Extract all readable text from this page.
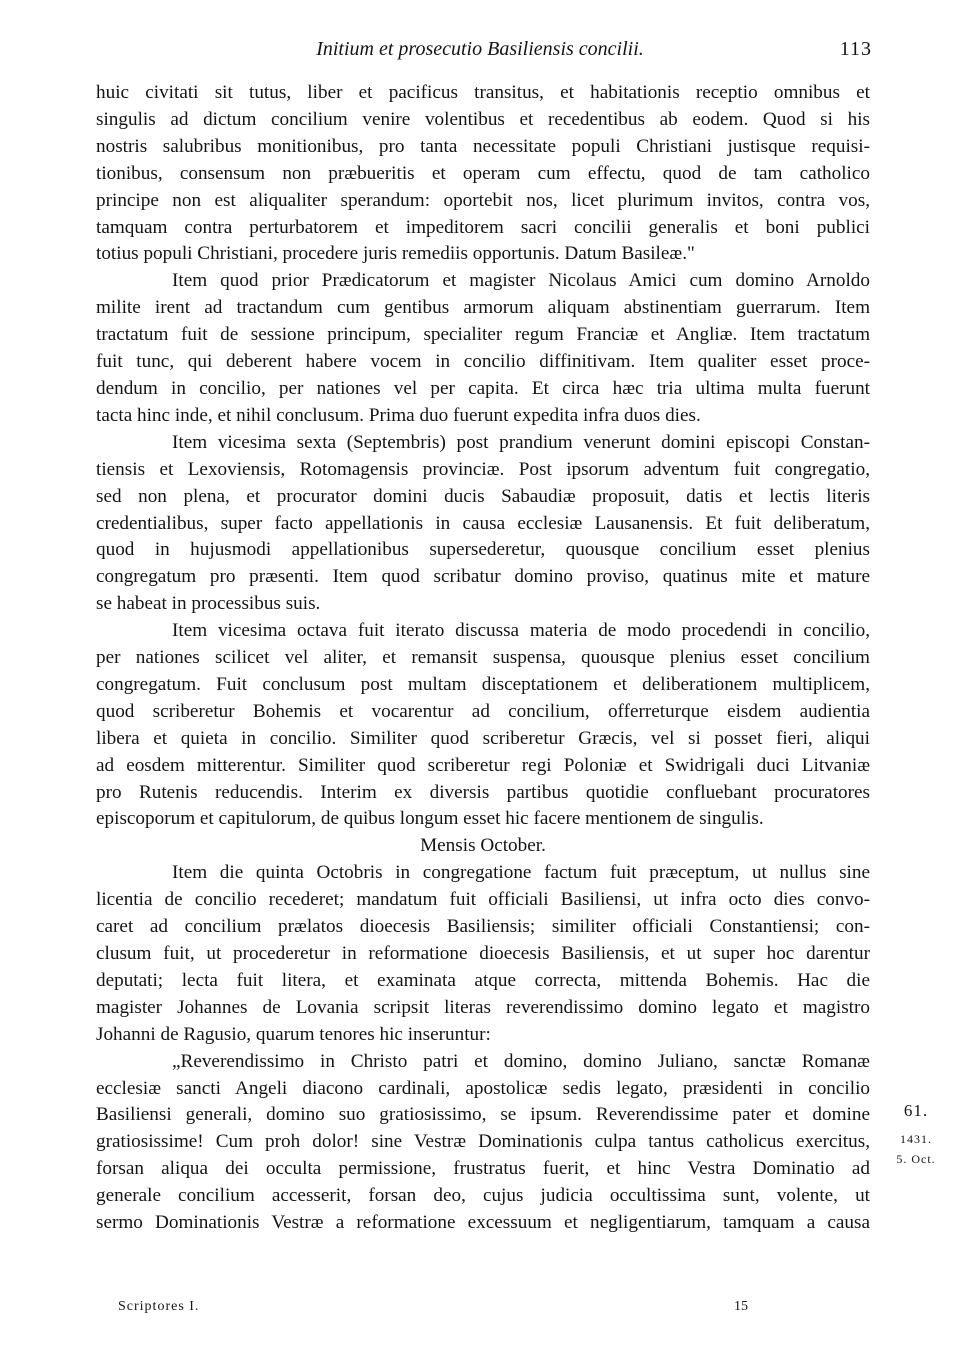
Initium et prosecutio Basiliensis concilii.	113
huic civitati sit tutus, liber et pacificus transitus, et habitationis receptio omnibus et
singulis ad dictum concilium venire volentibus et recedentibus ab eodem. Quod si his
nostris salubribus monitionibus, pro tanta necessitate populi Christiani justisque requisi-
tionibus, consensum non præbueritis et operam cum effectu, quod de tam catholico
principe non est aliqualiter sperandum: oportebit nos, licet plurimum invitos, contra vos,
tamquam contra perturbatorem et impeditorem sacri concilii generalis et boni publici
totius populi Christiani, procedere juris remediis opportunis. Datum Basileæ."
Item quod prior Prædicatorum et magister Nicolaus Amici cum domino Arnoldo
milite irent ad tractandum cum gentibus armorum aliquam abstinentiam guerrarum. Item
tractatum fuit de sessione principum, specialiter regum Franciæ et Angliæ. Item tractatum
fuit tunc, qui deberent habere vocem in concilio diffinitivam. Item qualiter esset proce-
dendum in concilio, per nationes vel per capita. Et circa hæc tria ultima multa fuerunt
tacta hinc inde, et nihil conclusum. Prima duo fuerunt expedita infra duos dies.
Item vicesima sexta (Septembris) post prandium venerunt domini episcopi Constan-
tiensis et Lexoviensis, Rotomagensis provinciæ. Post ipsorum adventum fuit congregatio,
sed non plena, et procurator domini ducis Sabaudiæ proposuit, datis et lectis literis
credentialibus, super facto appellationis in causa ecclesiæ Lausanensis. Et fuit deliberatum,
quod in hujusmodi appellationibus supersederetur, quousque concilium esset plenius
congregatum pro præsenti. Item quod scribatur domino proviso, quatinus mite et mature
se habeat in processibus suis.
Item vicesima octava fuit iterato discussa materia de modo procedendi in concilio,
per nationes scilicet vel aliter, et remansit suspensa, quousque plenius esset concilium
congregatum. Fuit conclusum post multam disceptationem et deliberationem multiplicem,
quod scriberetur Bohemis et vocarentur ad concilium, offerreturque eisdem audientia
libera et quieta in concilio. Similiter quod scriberetur Græcis, vel si posset fieri, aliqui
ad eosdem mitterentur. Similiter quod scriberetur regi Poloniæ et Swidrigali duci Litvaniæ
pro Rutenis reducendis. Interim ex diversis partibus quotidie confluebant procuratores
episcoporum et capitulorum, de quibus longum esset hic facere mentionem de singulis.
Mensis October.
Item die quinta Octobris in congregatione factum fuit præceptum, ut nullus sine
licentia de concilio recederet; mandatum fuit officiali Basiliensi, ut infra octo dies convo-
caret ad concilium prælatos dioecesis Basiliensis; similiter officiali Constantiensi; con-
clusum fuit, ut procederetur in reformatione dioecesis Basiliensis, et ut super hoc darentur
deputati; lecta fuit litera, et examinata atque correcta, mittenda Bohemis. Hac die
magister Johannes de Lovania scripsit literas reverendissimo domino legato et magistro
Johanni de Ragusio, quarum tenores hic inseruntur:
„Reverendissimo in Christo patri et domino, domino Juliano, sanctæ Romanæ
ecclesiæ sancti Angeli diacono cardinali, apostolicæ sedis legato, præsidenti in concilio
Basiliensi generali, domino suo gratiosissimo, se ipsum. Reverendissime pater et domine
gratiosissime! Cum proh dolor! sine Vestræ Dominationis culpa tantus catholicus exercitus,
forsan aliqua dei occulta permissione, frustratus fuerit, et hinc Vestra Dominatio ad
generale concilium accesserit, forsan deo, cujus judicia occultissima sunt, volente, ut
sermo Dominationis Vestræ a reformatione excessuum et negligentiarum, tamquam a causa
61.
1431.
5. Oct.
Scriptores I.	15
